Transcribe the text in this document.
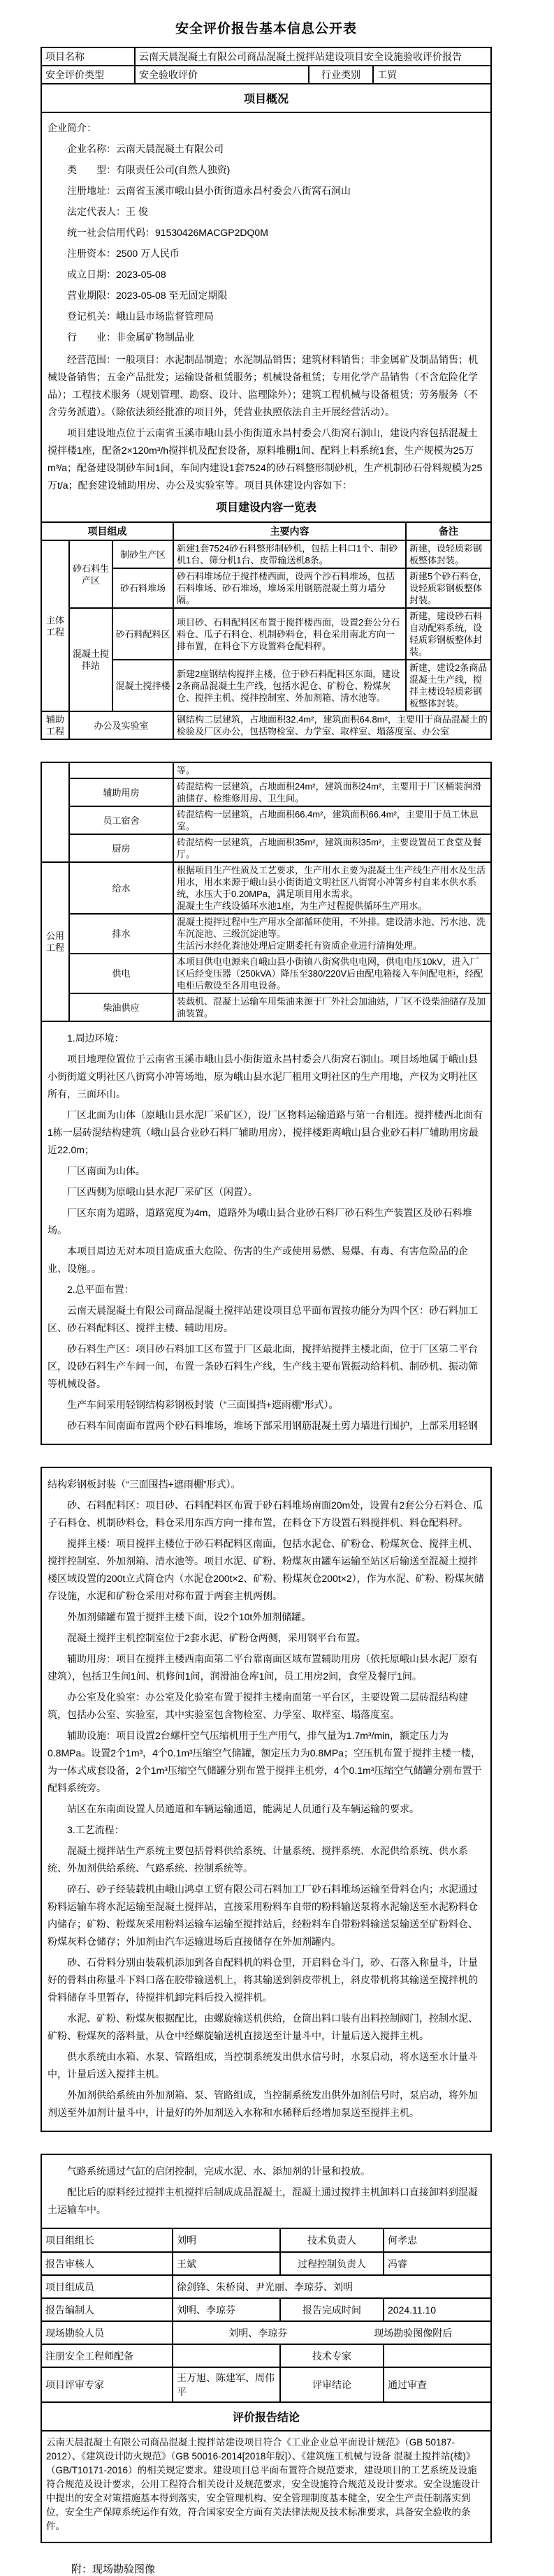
安全评价报告基本信息公开表
项目名称	云南天晨混凝土有限公司商品混凝土搅拌站建设项目安全设施验收评价报告
安全评价类型	安全验收评价	行业类别	工贸
项目概况

企业简介：

企业名称：云南天晨混凝土有限公司

类　　型：有限责任公司(自然人独资)

注册地址：云南省玉溪市峨山县小街街道永昌村委会八街窝石洞山

法定代表人：王 俊

统一社会信用代码：91530426MACGP2DQ0M

注册资本：2500 万人民币

成立日期：2023-05-08

营业期限：2023-05-08 至无固定期限

登记机关：峨山县市场监督管理局

行　　业：非金属矿物制品业

经营范围：一般项目：水泥制品制造；水泥制品销售；建筑材料销售；非金属矿及制品销售；机械设备销售；五金产品批发；运输设备租赁服务；机械设备租赁；专用化学产品销售（不含危险化学品）；工程技术服务（规划管理、勘察、设计、监理除外）；建筑工程机械与设备租赁；劳务服务（不含劳务派遣）。（除依法须经批准的项目外，凭营业执照依法自主开展经营活动）。

项目建设地点位于云南省玉溪市峨山县小街街道永昌村委会八街窝石洞山，建设内容包括混凝土搅拌楼1座，配备2×120m³/h搅拌机及配套设备，原料堆棚1间、配料上料系统1套，生产规模为25万m³/a；配备建设制砂车间1间，车间内建设1套7524的砂石料整形制砂机，生产机制砂石骨料规模为25万t/a；配套建设辅助用房、办公及实验室等。项目具体建设内容如下：

项目建设内容一览表
项目组成			主要内容	备注
主体工程	砂石料生产区	制砂生产区	新建1套7524砂石料整形制砂机，包括上料口1个、制砂机1台、筛分机1台、皮带输送机8条。	新建，设轻质彩钢板整体封装。
		砂石料堆场	砂石料堆场位于搅拌楼西面，设两个沙石料堆场，包括石料堆场、砂石堆场，堆场采用钢筋混凝土剪力墙分隔。	新建5个砂石料仓，设轻质彩钢板整体封装。
	混凝土搅拌站	砂石料配料区	项目砂、石料配料区布置于搅拌楼西面，设置2套公分石料仓、瓜子石料仓、机制砂料仓，料仓采用南北方向一排布置，在料仓下方设置料仓配料秤。	新建，建设砂石料自动配料系统，设轻质彩钢板整体封装。
		混凝土搅拌楼	新建2座钢结构搅拌主楼，位于砂石料配料区东面，建设2条商品混凝土生产线，包括水泥仓、矿粉仓、粉煤灰仓、搅拌主机、搅拌控制室、外加剂箱、清水池等。	新建，建设2条商品混凝土生产线，搅拌主楼设轻质彩钢板整体封装。
辅助工程	办公及实验室		钢结构二层建筑，占地面积32.4m²，建筑面积64.8m²，主要用于商品混凝土的检验及厂区办公，包括物检室、力学室、取样室、塌落度室、办公室	
		等。
	辅助用房	砖混结构一层建筑，占地面积24m²，建筑面积24m²，主要用于厂区桶装润滑油储存、检维修用房、卫生间。
	员工宿舍	砖混结构一层建筑，占地面积66.4m²，建筑面积66.4m²，主要用于员工休息室。
	厨房	砖混结构一层建筑，占地面积35m²，建筑面积35m²，主要设置员工食堂及餐厅。
公用工程	给水	根据项目生产性质及工艺要求，生产用水主要为混凝土生产线生产用水及生活用水，用水来源于峨山县小街街道文明社区八街窝小冲箐乡村自来水供水系统，水压大于0.20MPa，满足项目用水需求。
混凝土生产线设循环水池1座，为生产过程提供循环生产用水。

	排水	混凝土搅拌过程中生产用水全部循环使用，不外排。建设清水池、污水池、洗车沉淀池、三级沉淀池等。
生活污水经化粪池处理后定期委托有资质企业进行清掏处理。

	供电	本项目供电电源来自峨山县小街镇八街窝供电电网，供电电压10kV，进入厂区后经变压器（250kVA）降压至380/220V后由配电箱接入车间配电柜，经配电柜后敷设至各用电设备。
	柴油供应	装载机、混凝土运输车用柴油来源于厂外社会加油站，厂区不设柴油储存及加油装置。

1.周边环境：

项目地理位置位于云南省玉溪市峨山县小街街道永昌村委会八街窝石洞山。项目场地属于峨山县小街街道文明社区八街窝小冲箐场地，原为峨山县水泥厂租用文明社区的生产用地，产权为文明社区所有，三面环山。

厂区北面为山体（原峨山县水泥厂采矿区），设厂区物料运输道路与第一台相连。搅拌楼西北面有1栋一层砖混结构建筑（峨山县合业砂石料厂辅助用房），搅拌楼距离峨山县合业砂石料厂辅助用房最近22.0m；

厂区南面为山体。

厂区西侧为原峨山县水泥厂采矿区（闲置）。

厂区东南为道路，道路宽度为4m，道路外为峨山县合业砂石料厂砂石料生产装置区及砂石料堆场。

本项目周边无对本项目造成重大危险、伤害的生产或使用易燃、易爆、有毒、有害危险品的企业、设施。。

2.总平面布置：

云南天晨混凝土有限公司商品混凝土搅拌站建设项目总平面布置按功能分为四个区：砂石料加工区、砂石料配料区、搅拌主楼、辅助用房。

砂石料生产区：项目砂石料加工区布置于厂区最北面，搅拌站搅拌主楼北面，位于厂区第二平台区，设砂石料生产车间一间，布置一条砂石料生产线，生产线主要布置振动给料机、制砂机、振动筛等机械设备。

生产车间采用轻钢结构彩钢板封装（“三面围挡+遮雨棚”形式）。

砂石料车间南面布置两个砂石料堆场，堆场下部采用钢筋混凝土剪力墙进行围护，上部采用轻钢

结构彩钢板封装（“三面围挡+遮雨棚”形式）。

砂、石料配料区：项目砂、石料配料区布置于砂石料堆场南面20m处，设置有2套公分石料仓、瓜子石料仓、机制砂料仓，料仓采用东西方向一排布置，在料仓下方设置石料搅拌机、料仓配料秤。

搅拌主楼：项目搅拌主楼位于砂石料配料区南面，包括水泥仓、矿粉仓、粉煤灰仓、搅拌主机、搅拌控制室、外加剂箱、清水池等。项目水泥、矿粉、粉煤灰由罐车运输至站区后输送至混凝土搅拌楼区域设置的200t立式筒仓内（水泥仓200t×2、矿粉、粉煤灰仓200t×2），作为水泥、矿粉、粉煤灰储存设施，水泥和矿粉仓采用对称布置于两套主机两侧。

外加剂储罐布置于搅拌主楼下面，设2个10t外加剂储罐。

混凝土搅拌主机控制室位于2套水泥、矿粉仓两侧，采用钢平台布置。

辅助用房：项目在搅拌主楼西南面第二平台靠南面区域布置辅助用房（依托原峨山县水泥厂原有建筑），包括卫生间1间、机修间1间，润滑油仓库1间，员工用房2间，食堂及餐厅1间。

办公室及化验室：办公室及化验室布置于搅拌主楼南面第一平台区，主要设置二层砖混结构建筑，包括办公室、实验室，其中实验室包含物检室、力学室、取样室、塌落度室。

辅助设施：项目设置2台螺杆空气压缩机用于生产用气，排气量为1.7m³/min，额定压力为0.8MPa。设置2个1m³，4个0.1m³压缩空气储罐，额定压力为0.8MPa；空压机布置于搅拌主楼一楼，为一体式成套设备，2个1m³压缩空气储罐分别布置于搅拌主机旁，4个0.1m³压缩空气储罐分别布置于配料系统旁。

站区在东南面设置人员通道和车辆运输通道，能满足人员通行及车辆运输的要求。

3.工艺流程：

混凝土搅拌站生产系统主要包括骨料供给系统、计量系统、搅拌系统、水泥供给系统、供水系统、外加剂供给系统、气路系统、控制系统等。

碎石、砂子经装载机由峨山鸿卓工贸有限公司石料加工厂砂石料堆场运输至骨料仓内；水泥通过粉料运输车将水泥运输至混凝土搅拌站，直接采用粉料车自带的粉料输送泵将水泥输送至水泥粉料仓内储存；矿粉、粉煤灰采用粉料运输车运输至搅拌站后，经粉料车自带粉料输送泵输送至矿粉料仓、粉煤灰料仓储存；外加剂由汽车运输进场后直接储存在外加剂罐内。

砂、石骨料分别由装载机添加到各自配料机的料仓里，开启料仓斗门，砂、石落入称量斗，计量好的骨料由称量斗下料口落在胶带输送机上，将其输送到斜皮带机上，斜皮带机将其输送至搅拌机的骨料储存斗里暂存，待搅拌机卸完料后投入搅拌机。

水泥、矿粉、粉煤灰根据配比，由螺旋输送机供给，仓筒出料口装有出料控制阀门，控制水泥、矿粉、粉煤灰的落料量，从仓中经螺旋输送机直接送至计量斗中，计量后送入搅拌主机。

供水系统由水箱、水泵、管路组成，当控制系统发出供水信号时，水泵启动，将水送至水计量斗中，计量后送入搅拌主机。

外加剂供给系统由外加剂箱、泵、管路组成，当控制系统发出供外加剂信号时，泵启动，将外加剂送至外加剂计量斗中，计量好的外加剂送入水称和水稀释后经增加泵送至搅拌主机。

气路系统通过气缸的启闭控制，完成水泥、水、添加剂的计量和投放。

配比后的原料经过搅拌主机搅拌后制成成品混凝土，混凝土通过搅拌主机卸料口直接卸料到混凝土运输车中。

项目组组长	刘明	技术负责人	何孝忠
报告审核人	王斌	过程控制负责人	冯睿
项目组成员	徐剑锋、朱桥岗、尹光丽、李琼芬、刘明		
报告编制人	刘明、李琼芬	报告完成时间	2024.11.10
现场勘验人员	刘明、李琼芬 现场勘验图像附后		

注册安全工程师配备		技术专家	
项目评审专家	王万旭、陈建军、周伟平	评审结论	通过审查
评价报告结论

云南天晨混凝土有限公司商品混凝土搅拌站建设项目符合《工业企业总平面设计规范》（GB 50187-2012）、《建筑设计防火规范》（GB 50016-2014[2018年版]）、《建筑施工机械与设备 混凝土搅拌站(楼)》（GB/T10171-2016）的相关规定要求。建设项目总平面布置符合规范要求，建设项目的工艺系统及设施符合规范及设计要求，公用工程符合相关设计及规范要求，安全设施符合规范及设计要求。安全设施设计中提出的安全对策措施基本得到落实，安全管理机构、安全管理制度基本健全，安全生产责任制落实到位，安全生产保障系统运作有效，符合国家安全方面有关法律法规及技术标准要求，具备安全验收的条件。

附：现场勘验图像
